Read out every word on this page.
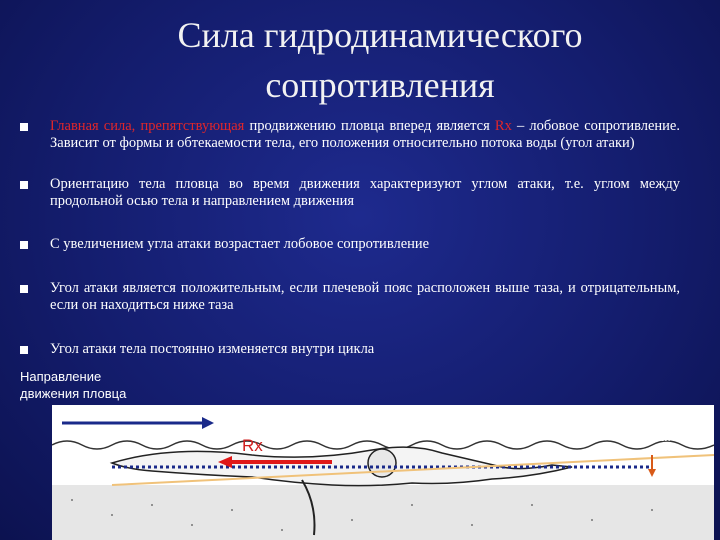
Сила гидродинамического
сопротивления
Главная сила, препятствующая продвижению пловца вперед является Rx – лобовое сопротивление. Зависит от формы и обтекаемости тела, его положения относительно потока воды (угол атаки)
Ориентацию тела пловца во время движения характеризуют углом атаки, т.е. углом между продольной осью тела и направлением движения
С увеличением угла атаки возрастает лобовое сопротивление
Угол атаки является положительным, если плечевой пояс расположен выше таза, и отрицательным, если он находиться ниже таза
Угол атаки тела постоянно изменяется внутри цикла
Направление
движения пловца
Rx	Угол атаки
